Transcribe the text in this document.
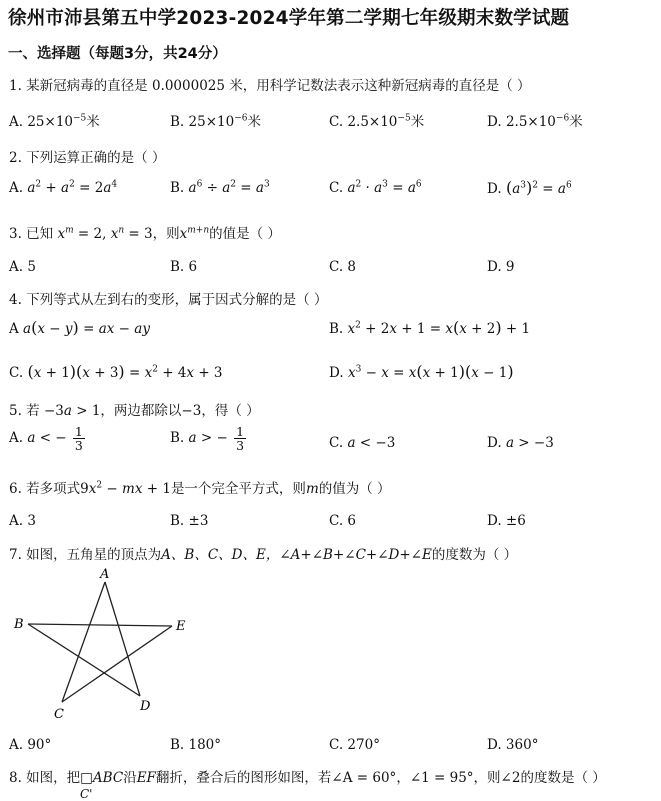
徐州市沛县第五中学2023-2024学年第二学期七年级期末数学试题
一、选择题（每题3分，共24分）
1. 某新冠病毒的直径是 0.0000025 米，用科学记数法表示这种新冠病毒的直径是（ ）
A. $25\times 10^{-5}$米	B. $25\times 10^{-6}$米	C. $2.5\times 10^{-5}$米	D. $2.5\times 10^{-6}$米
2. 下列运算正确的是（ ）
A. $a^2 + a^2 = 2a^4$	B. $a^6 \div a^2 = a^3$	C. $a^2 \cdot a^3 = a^6$	D. $(a^3)^2 = a^6$
3. 已知 $x^m = 2$, $x^n = 3$，则$x^{m+n}$的值是（ ）
A. 5	B. 6	C. 8	D. 9
4. 下列等式从左到右的变形，属于因式分解的是（ ）
A a(x − y) = ax − ay	B. $x^2 + 2x + 1 = x(x + 2) + 1$
C. $(x + 1)(x + 3) = x^2 + 4x + 3$	D. $x^3 - x = x(x + 1)(x - 1)$
5. 若 −3a > 1，两边都除以−3，得（ ）
A. a < − $\frac{1}{3}$	B. a > − $\frac{1}{3}$	C. a < −3	D. a > −3
6. 若多项式$9x^2$ − mx + 1是一个完全平方式，则m的值为（ ）
A. 3	B. ±3	C. 6	D. ±6
7. 如图，五角星的顶点为A、B、C、D、E，∠A+∠B+∠C+∠D+∠E的度数为（ ）
A
B
C
D
E
A. 90°	B. 180°	C. 270°	D. 360°
8. 如图，把□ABC沿EF翻折，叠合后的图形如图，若∠A = 60°，∠1 = 95°，则∠2的度数是（ ）
C'
